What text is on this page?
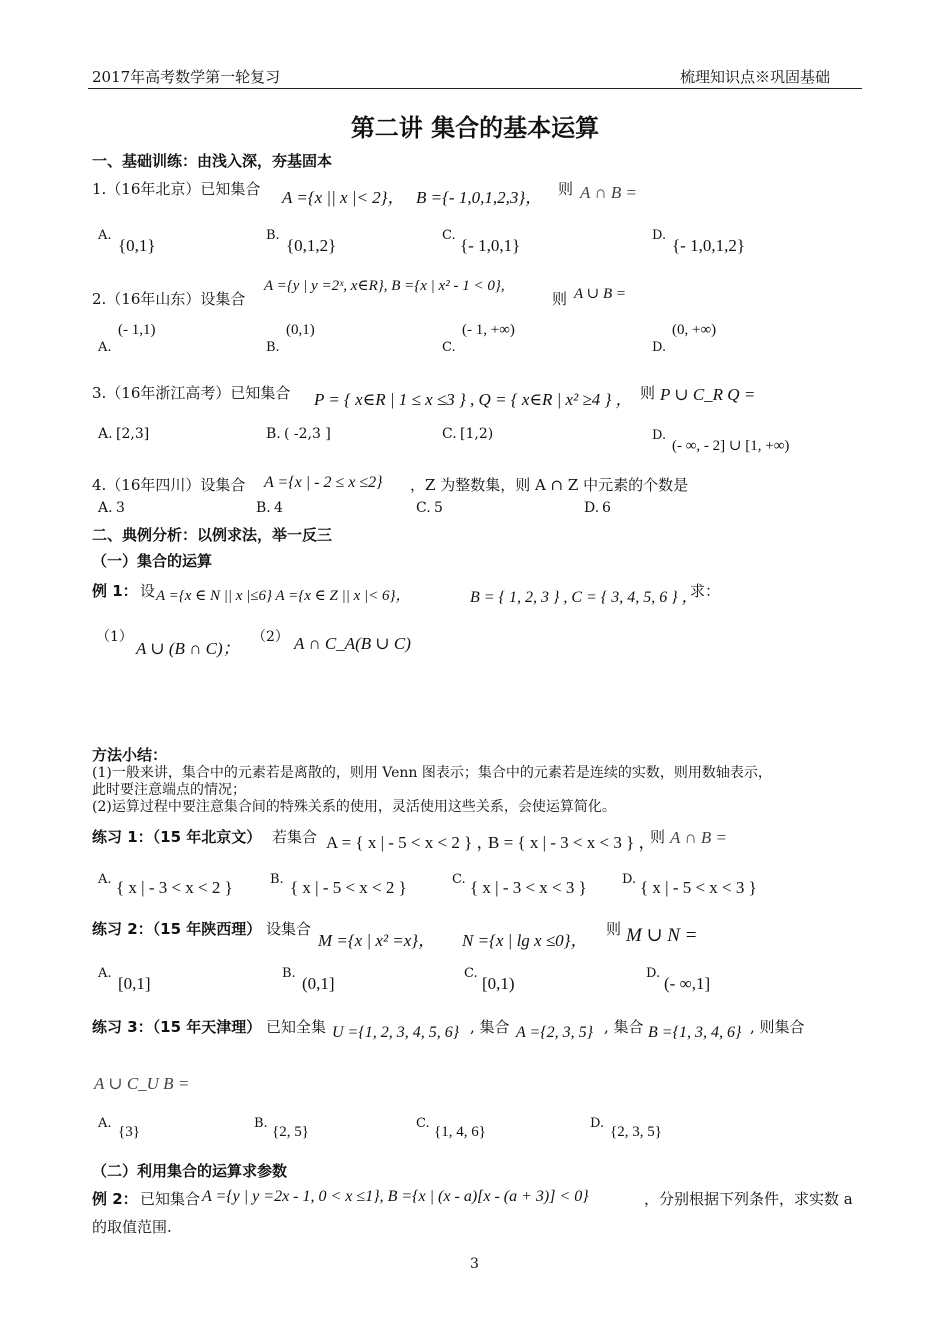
2017年高考数学第一轮复习	梳理知识点※巩固基础
第二讲 集合的基本运算
一、基础训练：由浅入深，夯基固本
1.（16年北京）已知集合 A ={x || x |< 2}， B ={- 1,0,1,2,3}， 则 A ∩ B =
A.
{0,1}
B.
{0,1,2}
C.
{- 1,0,1}
D.
{- 1,0,1,2}
2.（16年山东）设集合
A ={y | y =2ˣ, x∈R}, B ={x | x² - 1 < 0},
则 A ∪ B =
(- 1,1)
A.
(0,1)
B.
(- 1, +∞)
C.
(0, +∞)
D.
3.（16年浙江高考）已知集合 P = { x∈R | 1 ≤ x ≤3 } , Q = { x∈R | x² ≥4 } ， 则 P ∪ C_R Q =
A. [2,3]	B. ( -2,3 ]	C. [1,2)	D.
(- ∞, - 2] ∪ [1, +∞)
4.（16年四川）设集合 A ={x | - 2 ≤ x ≤2} ，Z 为整数集，则 A ∩ Z 中元素的个数是
A. 3	B. 4	C. 5	D. 6
二、典例分析：以例求法，举一反三
（一）集合的运算
例 1： 设 A ={x ∈ N || x |≤6} A ={x ∈ Z || x |< 6}，	B = { 1, 2, 3 } , C = { 3, 4, 5, 6 } ，
求：
（1）
A ∪ (B ∩ C)；
（2） A ∩ C_A(B ∪ C)
方法小结：
(1)一般来讲，集合中的元素若是离散的，则用 Venn 图表示；集合中的元素若是连续的实数，则用数轴表示，
此时要注意端点的情况；
(2)运算过程中要注意集合间的特殊关系的使用，灵活使用这些关系，会使运算简化。
练习 1：（15 年北京文） 若集合 A = { x | - 5 < x < 2 } ，
B = { x | - 3 < x < 3 } ，
则 A ∩ B =
A. { x | - 3 < x < 2 }	B. { x | - 5 < x < 2 }	C. { x | - 3 < x < 3 }	D. { x | - 5 < x < 3 }
练习 2：（15 年陕西理） 设集合
M ={x | x² =x}， N ={x | lg x ≤0}，
则 M ∪ N =
A.
[0,1]
B.
(0,1]
C.
[0,1)
D.
(- ∞,1]
练习 3：（15 年天津理） 已知全集 U ={1, 2, 3, 4, 5, 6} , 集合 A ={2, 3, 5} , 集合 B ={1, 3, 4, 6} , 则集合
A ∪ C_U B =
A.
{3}
B.
{2, 5}
C.
{1, 4, 6}
D.
{2, 3, 5}
（二）利用集合的运算求参数
例 2： 已知集合 A ={y | y =2x - 1, 0 < x ≤1}, B ={x | (x - a)[x - (a + 3)] < 0}	，分别根据下列条件，求实数 a
的取值范围.
3
